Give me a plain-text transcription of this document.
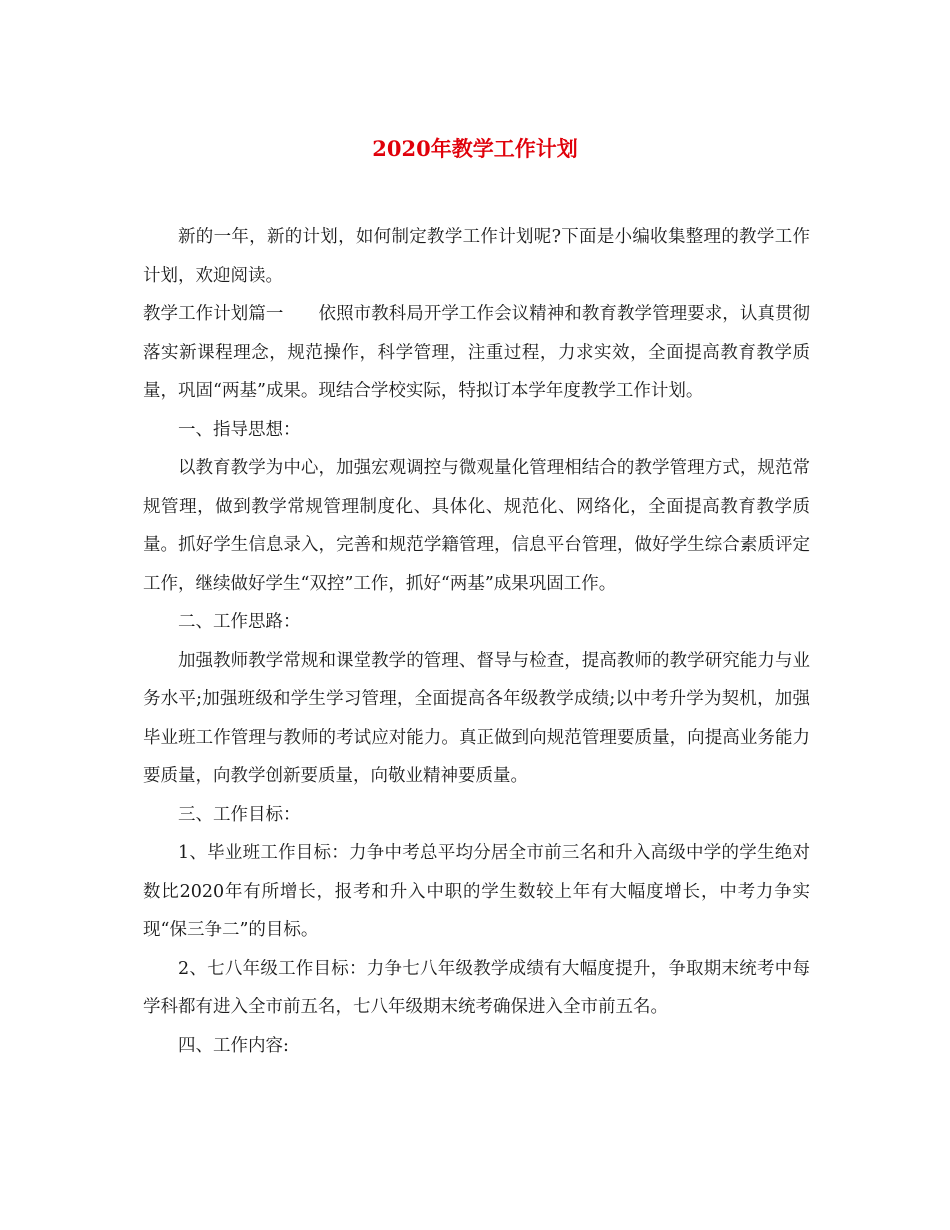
2020年教学工作计划

新的一年，新的计划，如何制定教学工作计划呢?下面是小编收集整理的教学工作计划，欢迎阅读。

教学工作计划篇一　　依照市教科局开学工作会议精神和教育教学管理要求，认真贯彻落实新课程理念，规范操作，科学管理，注重过程，力求实效，全面提高教育教学质量，巩固“两基”成果。现结合学校实际，特拟订本学年度教学工作计划。

一、指导思想：

以教育教学为中心，加强宏观调控与微观量化管理相结合的教学管理方式，规范常规管理，做到教学常规管理制度化、具体化、规范化、网络化，全面提高教育教学质量。抓好学生信息录入，完善和规范学籍管理，信息平台管理，做好学生综合素质评定工作，继续做好学生“双控”工作，抓好“两基”成果巩固工作。

二、工作思路：

加强教师教学常规和课堂教学的管理、督导与检查，提高教师的教学研究能力与业务水平;加强班级和学生学习管理，全面提高各年级教学成绩;以中考升学为契机，加强毕业班工作管理与教师的考试应对能力。真正做到向规范管理要质量，向提高业务能力要质量，向教学创新要质量，向敬业精神要质量。

三、工作目标：

1、毕业班工作目标：力争中考总平均分居全市前三名和升入高级中学的学生绝对数比2020年有所增长，报考和升入中职的学生数较上年有大幅度增长，中考力争实现“保三争二”的目标。

2、七八年级工作目标：力争七八年级教学成绩有大幅度提升，争取期末统考中每学科都有进入全市前五名，七八年级期末统考确保进入全市前五名。

四、工作内容:
